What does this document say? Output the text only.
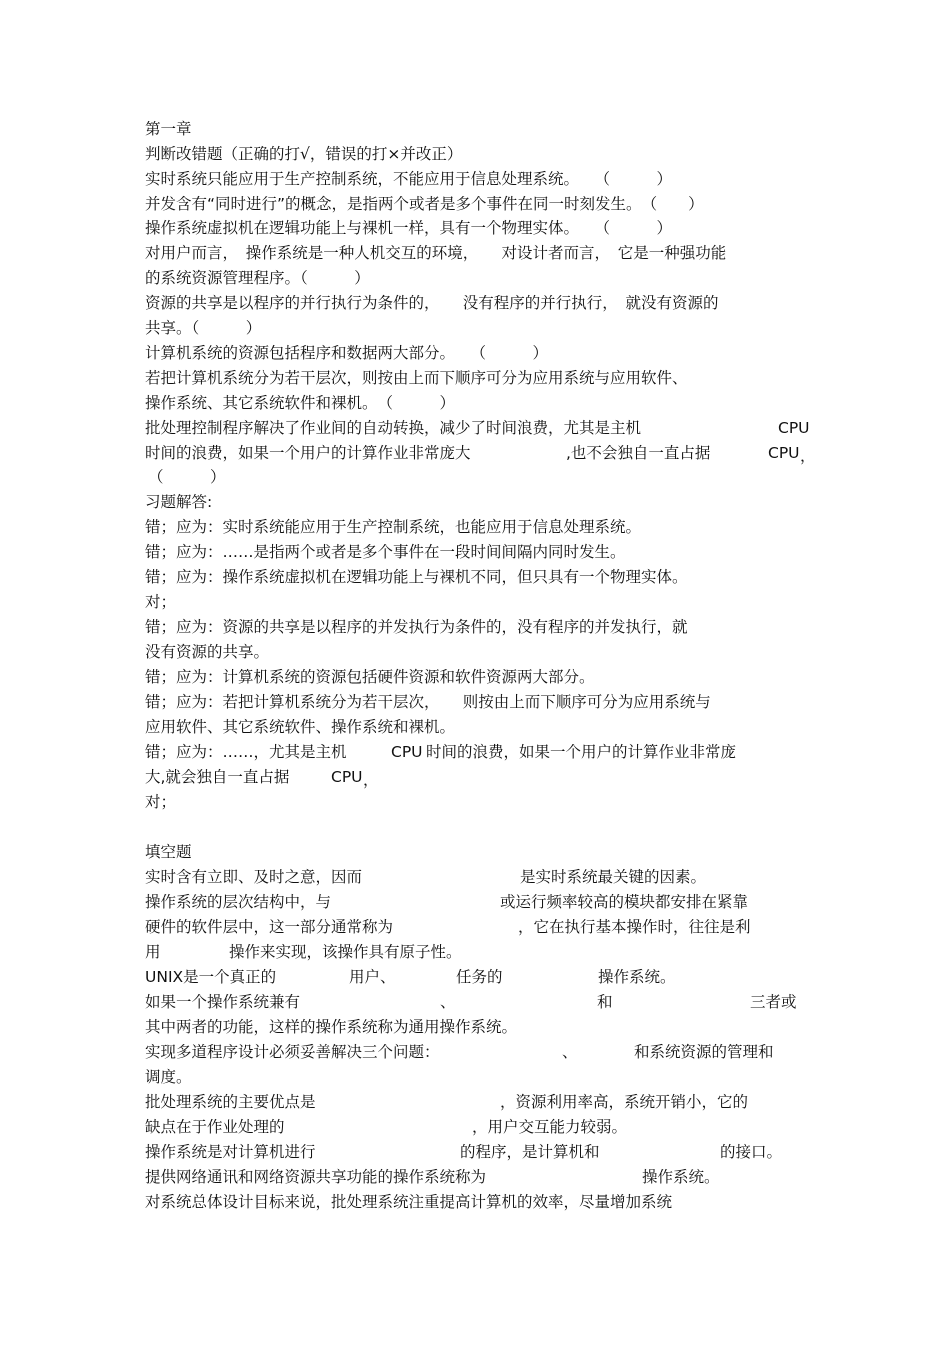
第一章
判断改错题（正确的打√，错误的打×并改正）
实时系统只能应用于生产控制系统，不能应用于信息处理系统。　　（　　　）
并发含有“同时进行”的概念，是指两个或者是多个事件在同一时刻发生。　（　　）
操作系统虚拟机在逻辑功能上与裸机一样，具有一个物理实体。　　（　　　）
对用户而言，　操作系统是一种人机交互的环境，　　对设计者而言，　它是一种强功能
的系统资源管理程序。（　　　）
资源的共享是以程序的并行执行为条件的，　　没有程序的并行执行，　就没有资源的
共享。（　　　）
计算机系统的资源包括程序和数据两大部分。　　（　　　）
若把计算机系统分为若干层次，则按由上而下顺序可分为应用系统与应用软件、
操作系统、其它系统软件和裸机。　（　　　）
批处理控制程序解决了作业间的自动转换，减少了时间浪费，尤其是主机	CPU
时间的浪费，如果一个用户的计算作业非常庞大	,也不会独自一直占据	CPU ，
（　　　）
习题解答:
错；应为：实时系统能应用于生产控制系统，也能应用于信息处理系统。
错；应为：……是指两个或者是多个事件在一段时间间隔内同时发生。
错；应为：操作系统虚拟机在逻辑功能上与裸机不同，但只具有一个物理实体。
对；
错；应为：资源的共享是以程序的并发执行为条件的，没有程序的并发执行，就
没有资源的共享。
错；应为：计算机系统的资源包括硬件资源和软件资源两大部分。
错；应为：若把计算机系统分为若干层次，　　则按由上而下顺序可分为应用系统与
应用软件、其它系统软件、操作系统和裸机。
错；应为：……，尤其是主机	CPU 时间的浪费，如果一个用户的计算作业非常庞
大,就会独自一直占据	CPU ，
对；
填空题
实时含有立即、及时之意，因而	是实时系统最关键的因素。
操作系统的层次结构中，与	或运行频率较高的模块都安排在紧靠
硬件的软件层中，这一部分通常称为	，它在执行基本操作时，往往是利
用	操作来实现，该操作具有原子性。
UNIX是一个真正的	用户、	任务的	操作系统。
如果一个操作系统兼有	、	和	三者或
其中两者的功能，这样的操作系统称为通用操作系统。
实现多道程序设计必须妥善解决三个问题：	、	和系统资源的管理和
调度。
批处理系统的主要优点是	，资源利用率高，系统开销小，它的
缺点在于作业处理的	，用户交互能力较弱。
操作系统是对计算机进行	的程序，是计算机和	的接口。
提供网络通讯和网络资源共享功能的操作系统称为	操作系统。
对系统总体设计目标来说，批处理系统注重提高计算机的效率，尽量增加系统
